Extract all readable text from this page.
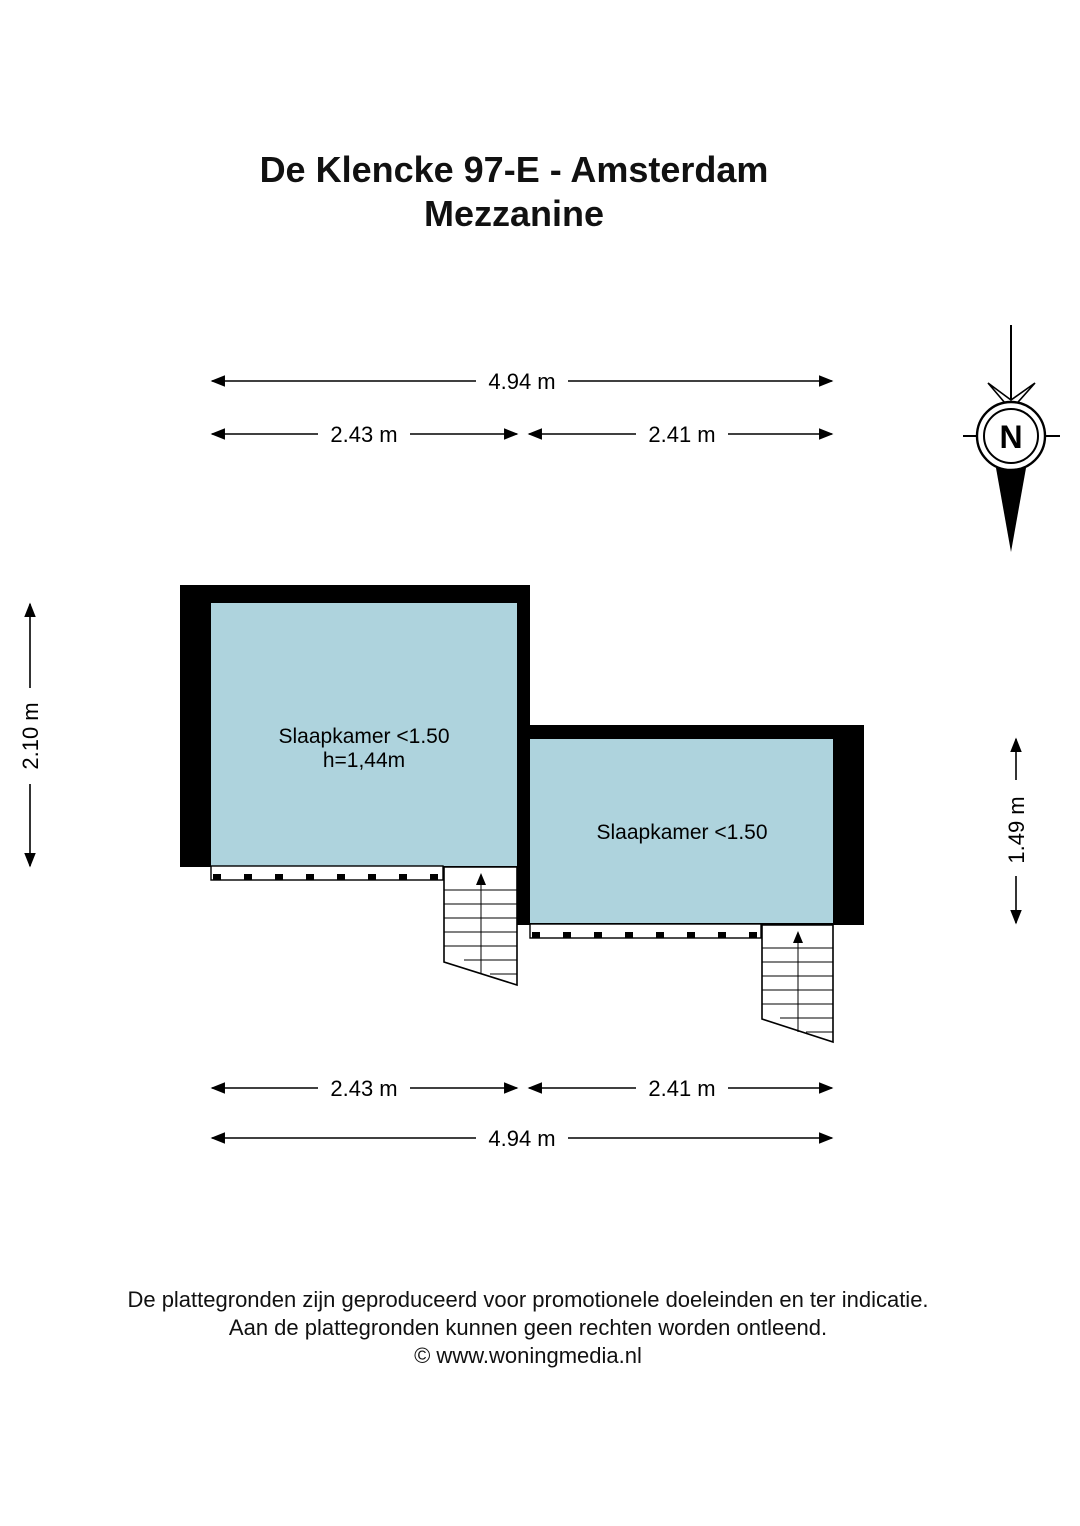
De Klencke 97-E - Amsterdam
Mezzanine
4.94 m
2.43 m	2.41 m
2.10 m
1.49 m
N
Slaapkamer <1.50
h=1,44m
Slaapkamer <1.50
2.43 m	2.41 m
4.94 m
De plattegronden zijn geproduceerd voor promotionele doeleinden en ter indicatie.
Aan de plattegronden kunnen geen rechten worden ontleend.
© www.woningmedia.nl
